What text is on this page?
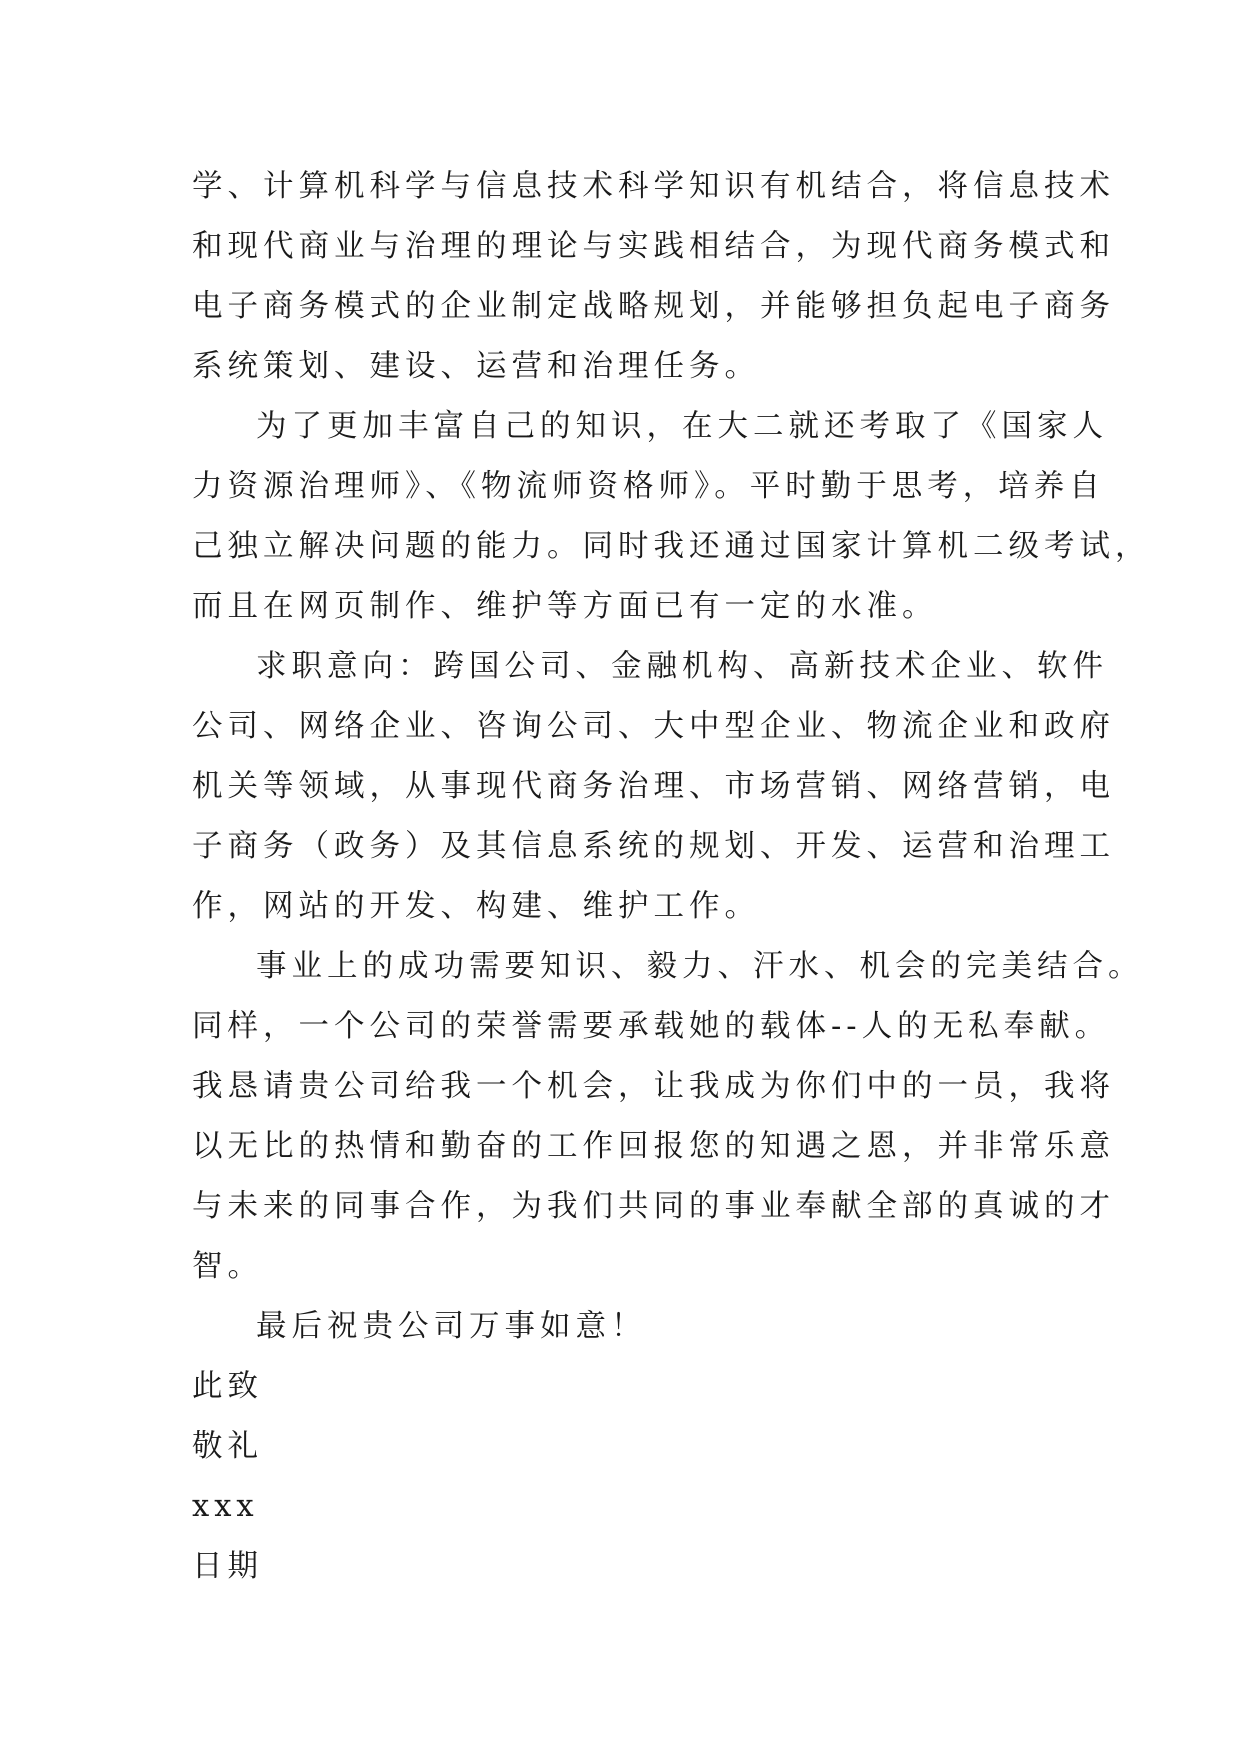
学、计算机科学与信息技术科学知识有机结合，将信息技术
和现代商业与治理的理论与实践相结合，为现代商务模式和
电子商务模式的企业制定战略规划，并能够担负起电子商务
系统策划、建设、运营和治理任务。
为了更加丰富自己的知识，在大二就还考取了《国家人
力资源治理师》、《物流师资格师》。平时勤于思考，培养自
己独立解决问题的能力。同时我还通过国家计算机二级考试，
而且在网页制作、维护等方面已有一定的水准。
求职意向：跨国公司、金融机构、高新技术企业、软件
公司、网络企业、咨询公司、大中型企业、物流企业和政府
机关等领域，从事现代商务治理、市场营销、网络营销，电
子商务（政务）及其信息系统的规划、开发、运营和治理工
作，网站的开发、构建、维护工作。
事业上的成功需要知识、毅力、汗水、机会的完美结合。
同样，一个公司的荣誉需要承载她的载体--人的无私奉献。
我恳请贵公司给我一个机会，让我成为你们中的一员，我将
以无比的热情和勤奋的工作回报您的知遇之恩，并非常乐意
与未来的同事合作，为我们共同的事业奉献全部的真诚的才
智。
最后祝贵公司万事如意！
此致
敬礼
xxx
日期
